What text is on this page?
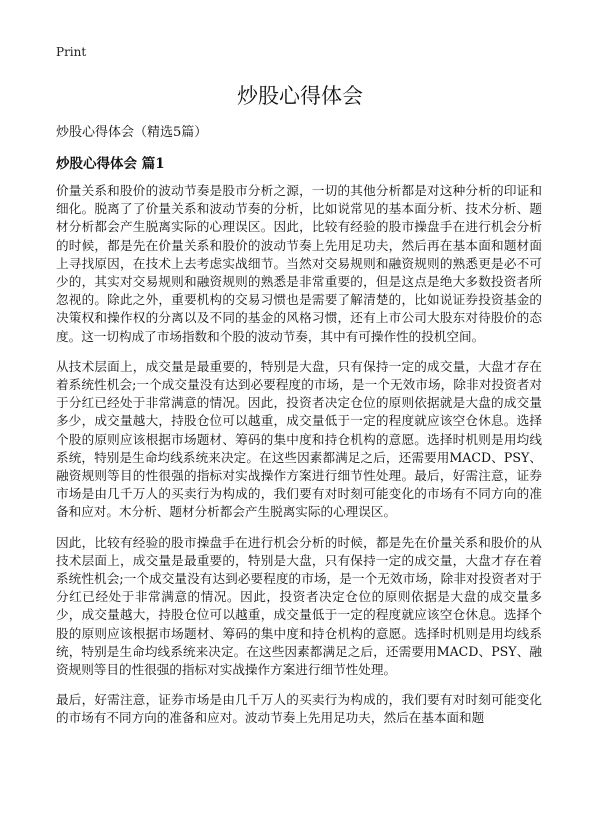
Print
炒股心得体会

炒股心得体会（精选5篇）

炒股心得体会 篇1

价量关系和股价的波动节奏是股市分析之源，一切的其他分析都是对这种分析的印证和细化。脱离了了价量关系和波动节奏的分析，比如说常见的基本面分析、技术分析、题材分析都会产生脱离实际的心理误区。因此，比较有经验的股市操盘手在进行机会分析的时候，都是先在价量关系和股价的波动节奏上先用足功夫，然后再在基本面和题材面上寻找原因，在技术上去考虑实战细节。当然对交易规则和融资规则的熟悉更是必不可少的，其实对交易规则和融资规则的熟悉是非常重要的，但是这点是绝大多数投资者所忽视的。除此之外，重要机构的交易习惯也是需要了解清楚的，比如说证券投资基金的决策权和操作权的分离以及不同的基金的风格习惯，还有上市公司大股东对待股价的态度。这一切构成了市场指数和个股的波动节奏，其中有可操作性的投机空间。

从技术层面上，成交量是最重要的，特别是大盘，只有保持一定的成交量，大盘才存在着系统性机会;一个成交量没有达到必要程度的市场，是一个无效市场，除非对投资者对于分红已经处于非常满意的情况。因此，投资者决定仓位的原则依据就是大盘的成交量多少，成交量越大，持股仓位可以越重，成交量低于一定的程度就应该空仓休息。选择个股的原则应该根据市场题材、筹码的集中度和持仓机构的意愿。选择时机则是用均线系统，特别是生命均线系统来决定。在这些因素都满足之后，还需要用MACD、PSY、融资规则等目的性很强的指标对实战操作方案进行细节性处理。最后，好需注意，证券市场是由几千万人的买卖行为构成的，我们要有对时刻可能变化的市场有不同方向的准备和应对。木分析、题材分析都会产生脱离实际的心理误区。

因此，比较有经验的股市操盘手在进行机会分析的时候，都是先在价量关系和股价的从技术层面上，成交量是最重要的，特别是大盘，只有保持一定的成交量，大盘才存在着系统性机会;一个成交量没有达到必要程度的市场，是一个无效市场，除非对投资者对于分红已经处于非常满意的情况。因此，投资者决定仓位的原则依据是大盘的成交量多少，成交量越大，持股仓位可以越重，成交量低于一定的程度就应该空仓休息。选择个股的原则应该根据市场题材、筹码的集中度和持仓机构的意愿。选择时机则是用均线系统，特别是生命均线系统来决定。在这些因素都满足之后，还需要用MACD、PSY、融资规则等目的性很强的指标对实战操作方案进行细节性处理。

最后，好需注意，证券市场是由几千万人的买卖行为构成的，我们要有对时刻可能变化的市场有不同方向的准备和应对。波动节奏上先用足功夫，然后在基本面和题
